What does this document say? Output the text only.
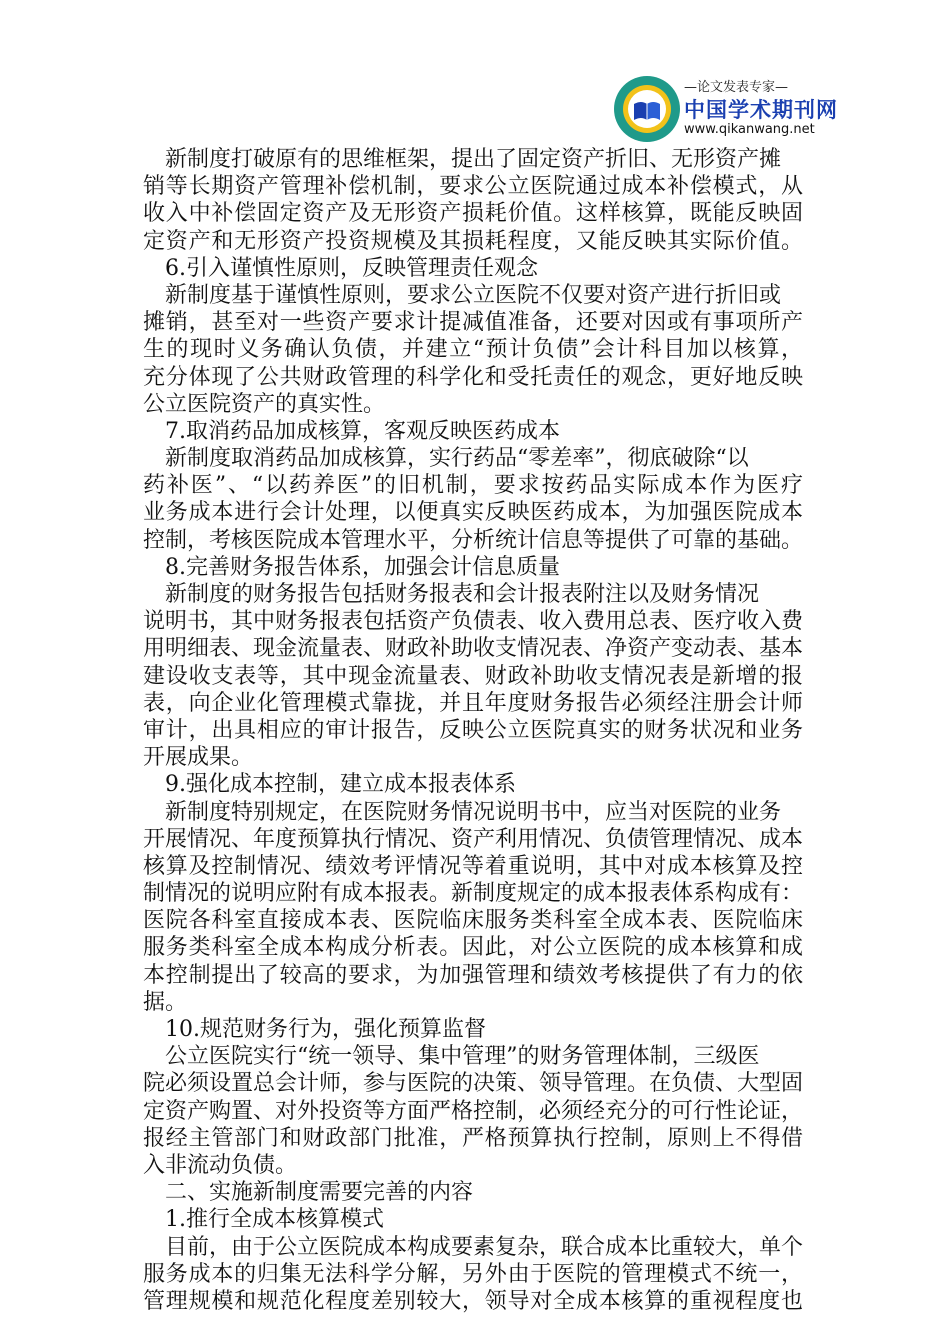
—论文发表专家—
中国学术期刊网
www.qikanwang.net
新制度打破原有的思维框架，提出了固定资产折旧、无形资产摊
销等长期资产管理补偿机制，要求公立医院通过成本补偿模式，从
收入中补偿固定资产及无形资产损耗价值。这样核算，既能反映固
定资产和无形资产投资规模及其损耗程度，又能反映其实际价值。
6.引入谨慎性原则，反映管理责任观念
新制度基于谨慎性原则，要求公立医院不仅要对资产进行折旧或
摊销，甚至对一些资产要求计提减值准备，还要对因或有事项所产
生的现时义务确认负债，并建立“预计负债”会计科目加以核算，
充分体现了公共财政管理的科学化和受托责任的观念，更好地反映
公立医院资产的真实性。
7.取消药品加成核算，客观反映医药成本
新制度取消药品加成核算，实行药品“零差率”，彻底破除“以
药补医”、“以药养医”的旧机制，要求按药品实际成本作为医疗
业务成本进行会计处理，以便真实反映医药成本，为加强医院成本
控制，考核医院成本管理水平，分析统计信息等提供了可靠的基础。
8.完善财务报告体系，加强会计信息质量
新制度的财务报告包括财务报表和会计报表附注以及财务情况
说明书，其中财务报表包括资产负债表、收入费用总表、医疗收入费
用明细表、现金流量表、财政补助收支情况表、净资产变动表、基本
建设收支表等，其中现金流量表、财政补助收支情况表是新增的报
表，向企业化管理模式靠拢，并且年度财务报告必须经注册会计师
审计，出具相应的审计报告，反映公立医院真实的财务状况和业务
开展成果。
9.强化成本控制，建立成本报表体系
新制度特别规定，在医院财务情况说明书中，应当对医院的业务
开展情况、年度预算执行情况、资产利用情况、负债管理情况、成本
核算及控制情况、绩效考评情况等着重说明，其中对成本核算及控
制情况的说明应附有成本报表。新制度规定的成本报表体系构成有：
医院各科室直接成本表、医院临床服务类科室全成本表、医院临床
服务类科室全成本构成分析表。因此，对公立医院的成本核算和成
本控制提出了较高的要求，为加强管理和绩效考核提供了有力的依
据。
10.规范财务行为，强化预算监督
公立医院实行“统一领导、集中管理”的财务管理体制，三级医
院必须设置总会计师，参与医院的决策、领导管理。在负债、大型固
定资产购置、对外投资等方面严格控制，必须经充分的可行性论证，
报经主管部门和财政部门批准，严格预算执行控制，原则上不得借
入非流动负债。
二、实施新制度需要完善的内容
1.推行全成本核算模式
目前，由于公立医院成本构成要素复杂，联合成本比重较大，单个
服务成本的归集无法科学分解，另外由于医院的管理模式不统一，
管理规模和规范化程度差别较大，领导对全成本核算的重视程度也
